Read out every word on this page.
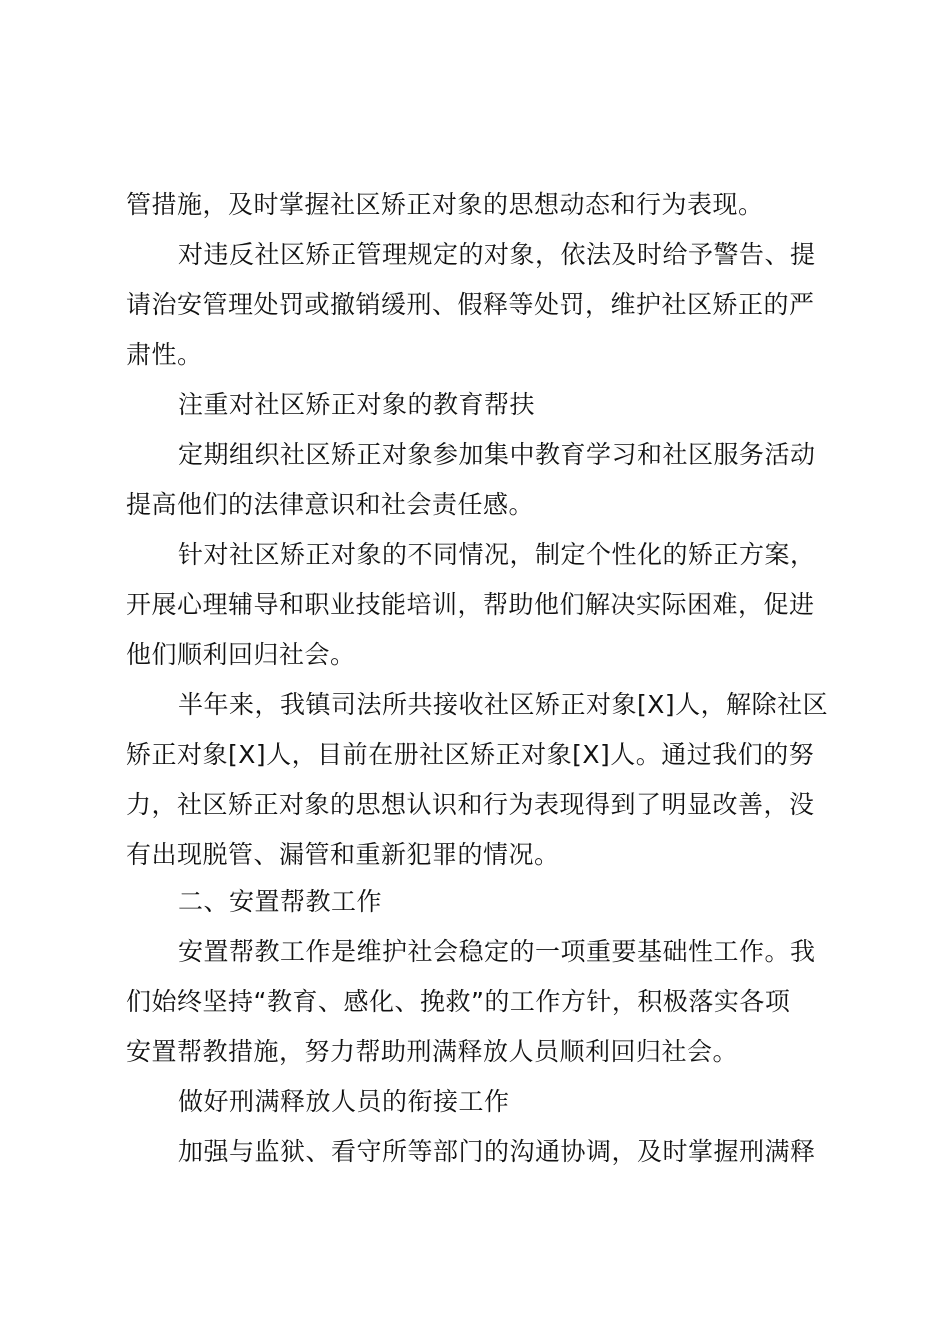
管措施，及时掌握社区矫正对象的思想动态和行为表现。
对违反社区矫正管理规定的对象，依法及时给予警告、提
请治安管理处罚或撤销缓刑、假释等处罚，维护社区矫正的严
肃性。
注重对社区矫正对象的教育帮扶
定期组织社区矫正对象参加集中教育学习和社区服务活动
提高他们的法律意识和社会责任感。
针对社区矫正对象的不同情况，制定个性化的矫正方案，
开展心理辅导和职业技能培训，帮助他们解决实际困难，促进
他们顺利回归社会。
半年来，我镇司法所共接收社区矫正对象[X]人，解除社区
矫正对象[X]人，目前在册社区矫正对象[X]人。通过我们的努
力，社区矫正对象的思想认识和行为表现得到了明显改善，没
有出现脱管、漏管和重新犯罪的情况。
二、安置帮教工作
安置帮教工作是维护社会稳定的一项重要基础性工作。我
们始终坚持“教育、感化、挽救”的工作方针，积极落实各项
安置帮教措施，努力帮助刑满释放人员顺利回归社会。
做好刑满释放人员的衔接工作
加强与监狱、看守所等部门的沟通协调，及时掌握刑满释
